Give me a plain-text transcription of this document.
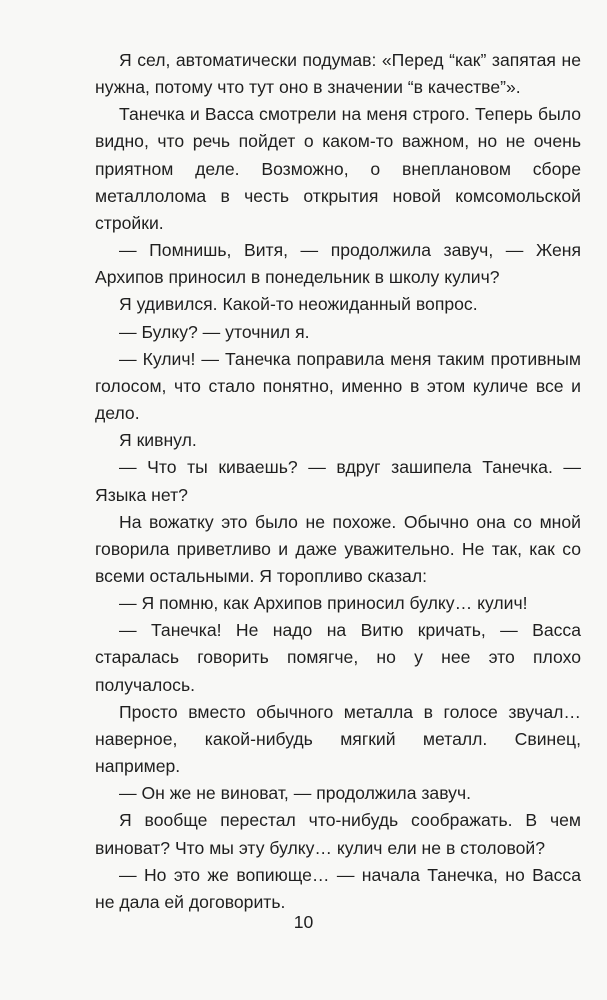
Я сел, автоматически подумав: «Перед “как” запятая не нужна, потому что тут оно в значении “в качестве”».

Танечка и Васса смотрели на меня строго. Теперь было видно, что речь пойдет о каком-то важном, но не очень приятном деле. Возможно, о внеплановом сборе металлолома в честь открытия новой комсомольской стройки.

— Помнишь, Витя, — продолжила завуч, — Женя Архипов приносил в понедельник в школу кулич?

Я удивился. Какой-то неожиданный вопрос.

— Булку? — уточнил я.

— Кулич! — Танечка поправила меня таким противным голосом, что стало понятно, именно в этом куличе все и дело.

Я кивнул.

— Что ты киваешь? — вдруг зашипела Танечка. — Языка нет?

На вожатку это было не похоже. Обычно она со мной говорила приветливо и даже уважительно. Не так, как со всеми остальными. Я торопливо сказал:

— Я помню, как Архипов приносил булку… кулич!

— Танечка! Не надо на Витю кричать, — Васса старалась говорить помягче, но у нее это плохо получалось.

Просто вместо обычного металла в голосе звучал… наверное, какой-нибудь мягкий металл. Свинец, например.

— Он же не виноват, — продолжила завуч.

Я вообще перестал что-нибудь соображать. В чем виноват? Что мы эту булку… кулич ели не в столовой?

— Но это же вопиюще… — начала Танечка, но Васса не дала ей договорить.

10
